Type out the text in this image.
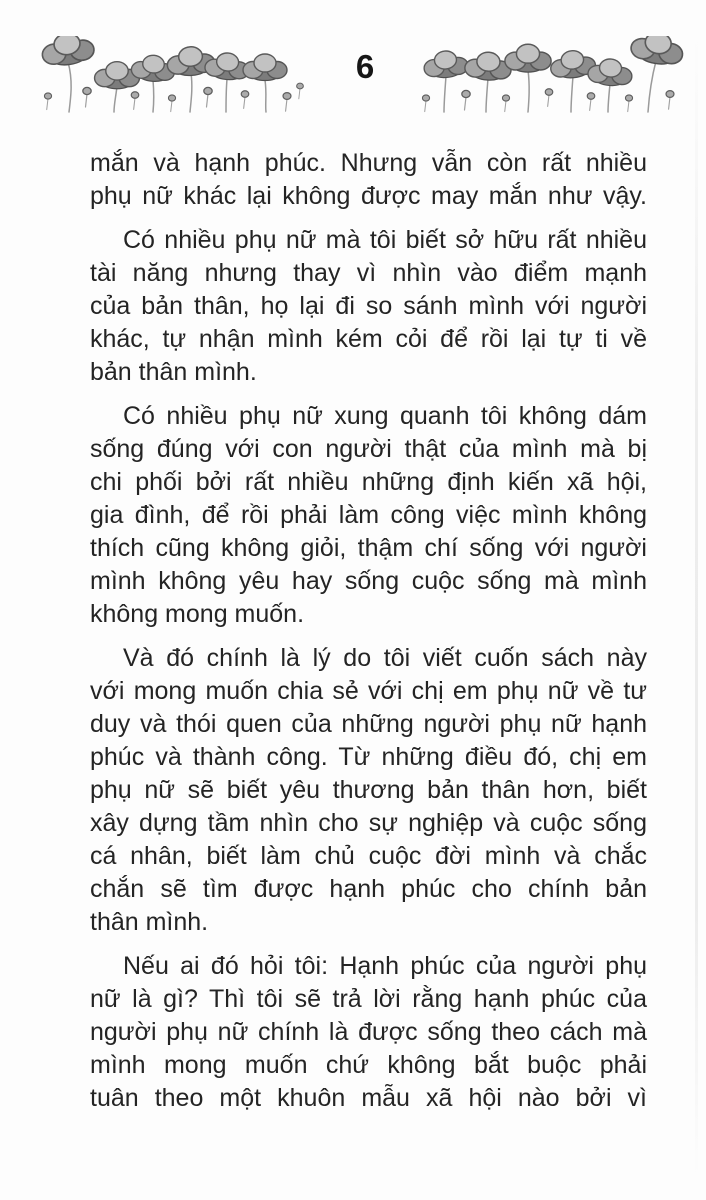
6
mắn và hạnh phúc. Nhưng vẫn còn rất nhiều
phụ nữ khác lại không được may mắn như vậy.
Có nhiều phụ nữ mà tôi biết sở hữu rất nhiều
tài năng nhưng thay vì nhìn vào điểm mạnh
của bản thân, họ lại đi so sánh mình với người
khác, tự nhận mình kém cỏi để rồi lại tự ti về
bản thân mình.
Có nhiều phụ nữ xung quanh tôi không dám
sống đúng với con người thật của mình mà bị
chi phối bởi rất nhiều những định kiến xã hội,
gia đình, để rồi phải làm công việc mình không
thích cũng không giỏi, thậm chí sống với người
mình không yêu hay sống cuộc sống mà mình
không mong muốn.
Và đó chính là lý do tôi viết cuốn sách này
với mong muốn chia sẻ với chị em phụ nữ về tư
duy và thói quen của những người phụ nữ hạnh
phúc và thành công. Từ những điều đó, chị em
phụ nữ sẽ biết yêu thương bản thân hơn, biết
xây dựng tầm nhìn cho sự nghiệp và cuộc sống
cá nhân, biết làm chủ cuộc đời mình và chắc
chắn sẽ tìm được hạnh phúc cho chính bản
thân mình.
Nếu ai đó hỏi tôi: Hạnh phúc của người phụ
nữ là gì? Thì tôi sẽ trả lời rằng hạnh phúc của
người phụ nữ chính là được sống theo cách mà
mình mong muốn chứ không bắt buộc phải
tuân theo một khuôn mẫu xã hội nào bởi vì
